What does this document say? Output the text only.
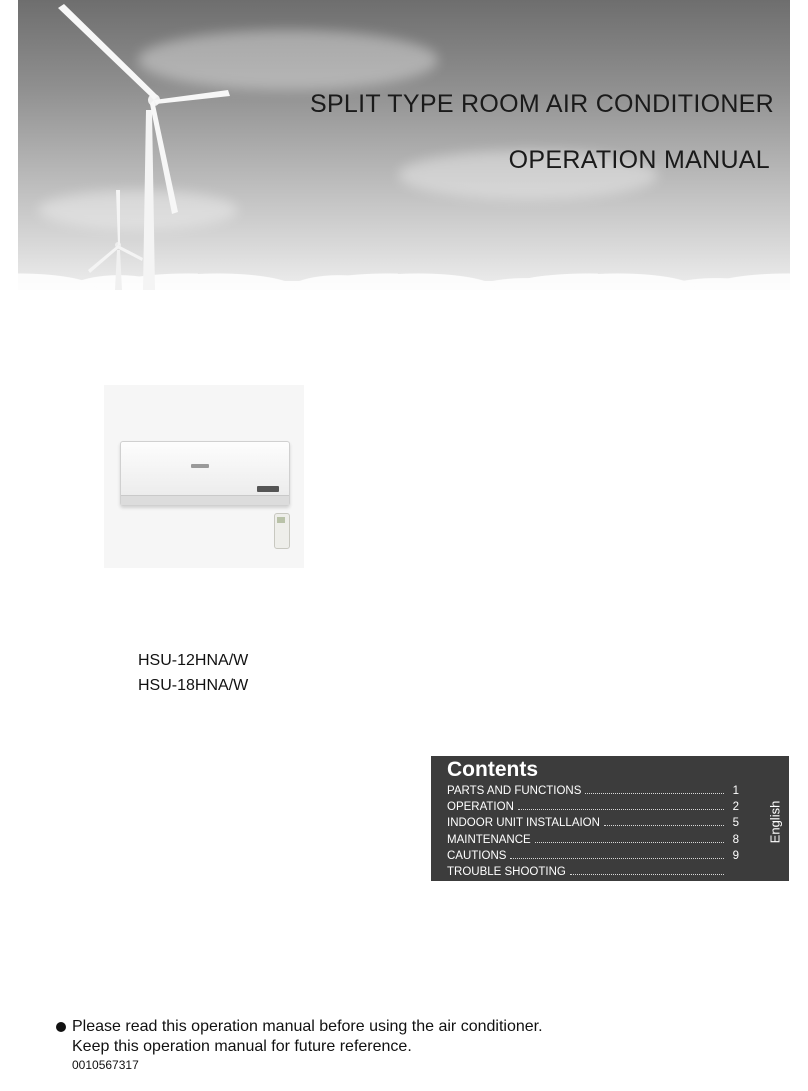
SPLIT TYPE ROOM AIR CONDITIONER
OPERATION MANUAL
HSU-12HNA/W
HSU-18HNA/W
Contents
PARTS AND FUNCTIONS	1
OPERATION	2
INDOOR UNIT INSTALLAION	5
MAINTENANCE	8
CAUTIONS	9
TROUBLE SHOOTING
English
Please read this operation manual before using the air conditioner.
Keep this operation manual for future reference.
0010567317
